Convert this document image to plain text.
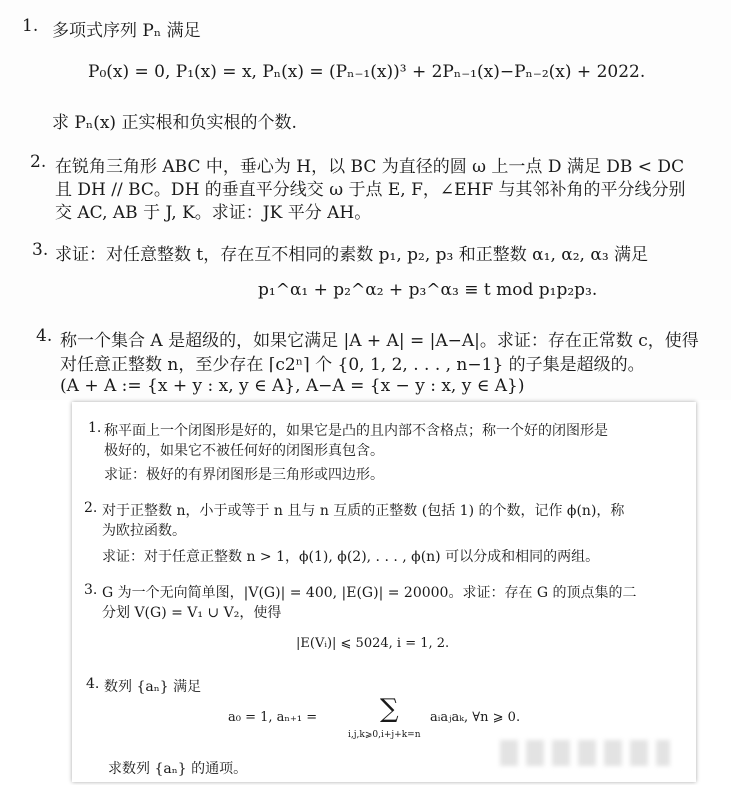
1. 多项式序列 Pₙ 满足
P₀(x) = 0, P₁(x) = x, Pₙ(x) = (Pₙ₋₁(x))³ + 2Pₙ₋₁(x)−Pₙ₋₂(x) + 2022.
求 Pₙ(x) 正实根和负实根的个数.
2. 在锐角三角形 ABC 中，垂心为 H，以 BC 为直径的圆 ω 上一点 D 满足 DB < DC
且 DH // BC。DH 的垂直平分线交 ω 于点 E, F，∠EHF 与其邻补角的平分线分别
交 AC, AB 于 J, K。求证：JK 平分 AH。
3. 求证：对任意整数 t，存在互不相同的素数 p₁, p₂, p₃ 和正整数 α₁, α₂, α₃ 满足
p₁^α₁ + p₂^α₂ + p₃^α₃ ≡ t mod p₁p₂p₃.
4. 称一个集合 A 是超级的，如果它满足 |A + A| = |A−A|。求证：存在正常数 c，使得
对任意正整数 n，至少存在 ⌈c2ⁿ⌉ 个 {0, 1, 2, . . . , n−1} 的子集是超级的。
(A + A := {x + y : x, y ∈ A}, A−A = {x − y : x, y ∈ A})
1. 称平面上一个闭图形是好的，如果它是凸的且内部不含格点；称一个好的闭图形是
极好的，如果它不被任何好的闭图形真包含。
求证：极好的有界闭图形是三角形或四边形。
2. 对于正整数 n，小于或等于 n 且与 n 互质的正整数 (包括 1) 的个数，记作 ϕ(n)，称
为欧拉函数。
求证：对于任意正整数 n > 1，ϕ(1), ϕ(2), . . . , ϕ(n) 可以分成和相同的两组。
3. G 为一个无向简单图，|V(G)| = 400, |E(G)| = 20000。求证：存在 G 的顶点集的二
分划 V(G) = V₁ ∪ V₂，使得
|E(Vᵢ)| ⩽ 5024, i = 1, 2.
4. 数列 {aₙ} 满足
a₀ = 1, aₙ₊₁ = ∑
i,j,k⩾0,i+j+k=n
aᵢaⱼaₖ, ∀n ⩾ 0.
求数列 {aₙ} 的通项。
